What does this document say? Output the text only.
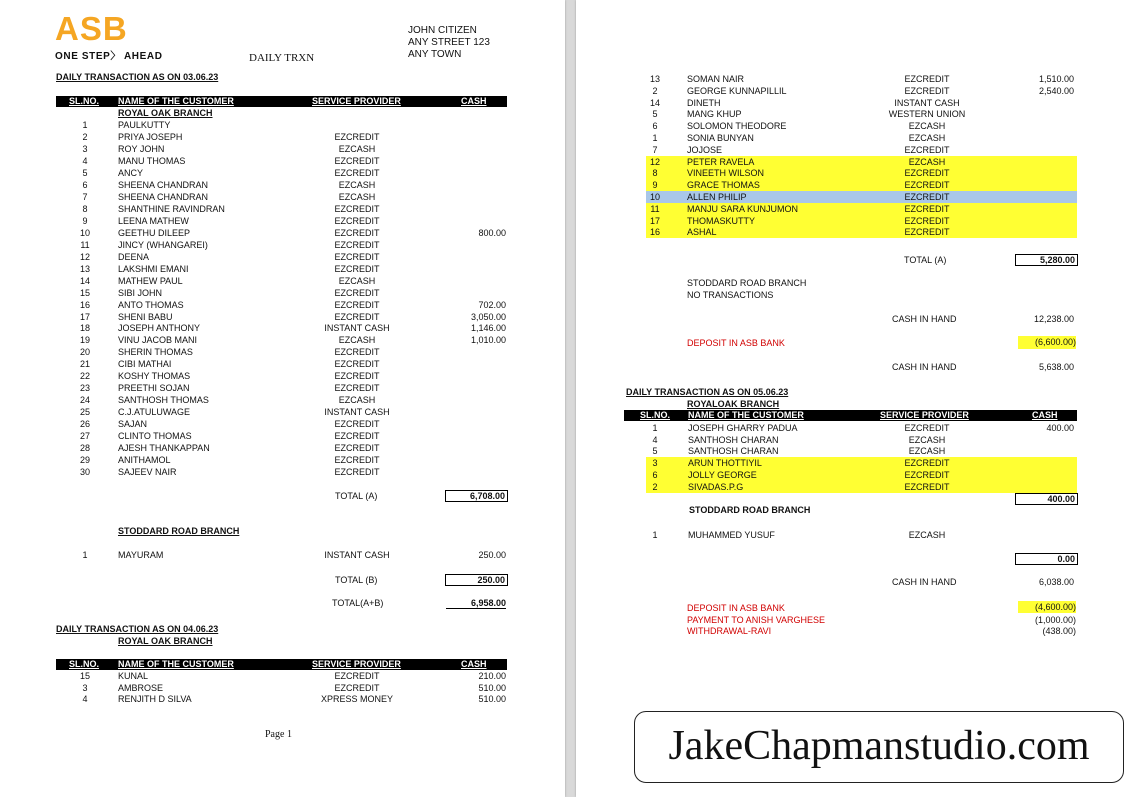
ASB
ONE STEP〉 AHEAD	DAILY TRXN
JOHN CITIZEN
ANY STREET 123
ANY TOWN
DAILY TRANSACTION AS ON 03.06.23
SL.NO. NAME OF THE CUSTOMER	SERVICE PROVIDER	CASH
ROYAL OAK BRANCH
1	PAULKUTTY
2	PRIYA JOSEPH	EZCREDIT
3	ROY JOHN	EZCASH
4	MANU THOMAS	EZCREDIT
5	ANCY	EZCREDIT
6	SHEENA CHANDRAN	EZCASH
7	SHEENA CHANDRAN	EZCASH
8	SHANTHINE RAVINDRAN	EZCREDIT
9	LEENA MATHEW	EZCREDIT
10	GEETHU DILEEP	EZCREDIT	800.00
11	JINCY (WHANGAREI)	EZCREDIT
12	DEENA	EZCREDIT
13	LAKSHMI EMANI	EZCREDIT
14	MATHEW PAUL	EZCASH
15	SIBI JOHN	EZCREDIT
16	ANTO THOMAS	EZCREDIT	702.00
17	SHENI BABU	EZCREDIT	3,050.00
18	JOSEPH ANTHONY	INSTANT CASH	1,146.00
19	VINU JACOB MANI	EZCASH	1,010.00
20	SHERIN THOMAS	EZCREDIT
21	CIBI MATHAI	EZCREDIT
22	KOSHY THOMAS	EZCREDIT
23	PREETHI SOJAN	EZCREDIT
24	SANTHOSH THOMAS	EZCASH
25	C.J.ATULUWAGE	INSTANT CASH
26	SAJAN	EZCREDIT
27	CLINTO THOMAS	EZCREDIT
28	AJESH THANKAPPAN	EZCREDIT
29	ANITHAMOL	EZCREDIT
30	SAJEEV NAIR	EZCREDIT
TOTAL (A)	6,708.00
STODDARD ROAD BRANCH
1	MAYURAM	INSTANT CASH	250.00
TOTAL (B)	250.00
TOTAL(A+B)	6,958.00
DAILY TRANSACTION AS ON 04.06.23
ROYAL OAK BRANCH
SL.NO. NAME OF THE CUSTOMER	SERVICE PROVIDER	CASH
15	KUNAL	EZCREDIT	210.00
3	AMBROSE	EZCREDIT	510.00
4	RENJITH D SILVA	XPRESS MONEY	510.00
Page 1
13	SOMAN NAIR	EZCREDIT	1,510.00
2	GEORGE KUNNAPILLIL	EZCREDIT	2,540.00
14	DINETH	INSTANT CASH
5	MANG KHUP	WESTERN UNION
6	SOLOMON THEODORE	EZCASH
1	SONIA BUNYAN	EZCASH
7	JOJOSE	EZCREDIT
12	PETER RAVELA	EZCASH
8	VINEETH WILSON	EZCREDIT
9	GRACE THOMAS	EZCREDIT
10	ALLEN PHILIP	EZCREDIT
11	MANJU SARA KUNJUMON	EZCREDIT
17	THOMASKUTTY	EZCREDIT
16	ASHAL	EZCREDIT
TOTAL (A)	5,280.00
STODDARD ROAD BRANCH
NO TRANSACTIONS
CASH IN HAND	12,238.00
DEPOSIT IN ASB BANK	(6,600.00)
CASH IN HAND	5,638.00
DAILY TRANSACTION AS ON 05.06.23
ROYALOAK BRANCH
SL.NO. NAME OF THE CUSTOMER	SERVICE PROVIDER	CASH
1	JOSEPH GHARRY PADUA	EZCREDIT	400.00
4	SANTHOSH CHARAN	EZCASH
5	SANTHOSH CHARAN	EZCASH
3	ARUN THOTTIYIL	EZCREDIT
6	JOLLY GEORGE	EZCREDIT
2	SIVADAS.P.G	EZCREDIT
400.00
STODDARD ROAD BRANCH
1	MUHAMMED YUSUF	EZCASH
0.00
CASH IN HAND	6,038.00
DEPOSIT IN ASB BANK	(4,600.00)
PAYMENT TO ANISH VARGHESE	(1,000.00)
WITHDRAWAL-RAVI	(438.00)
JakeChapmanstudio.com
